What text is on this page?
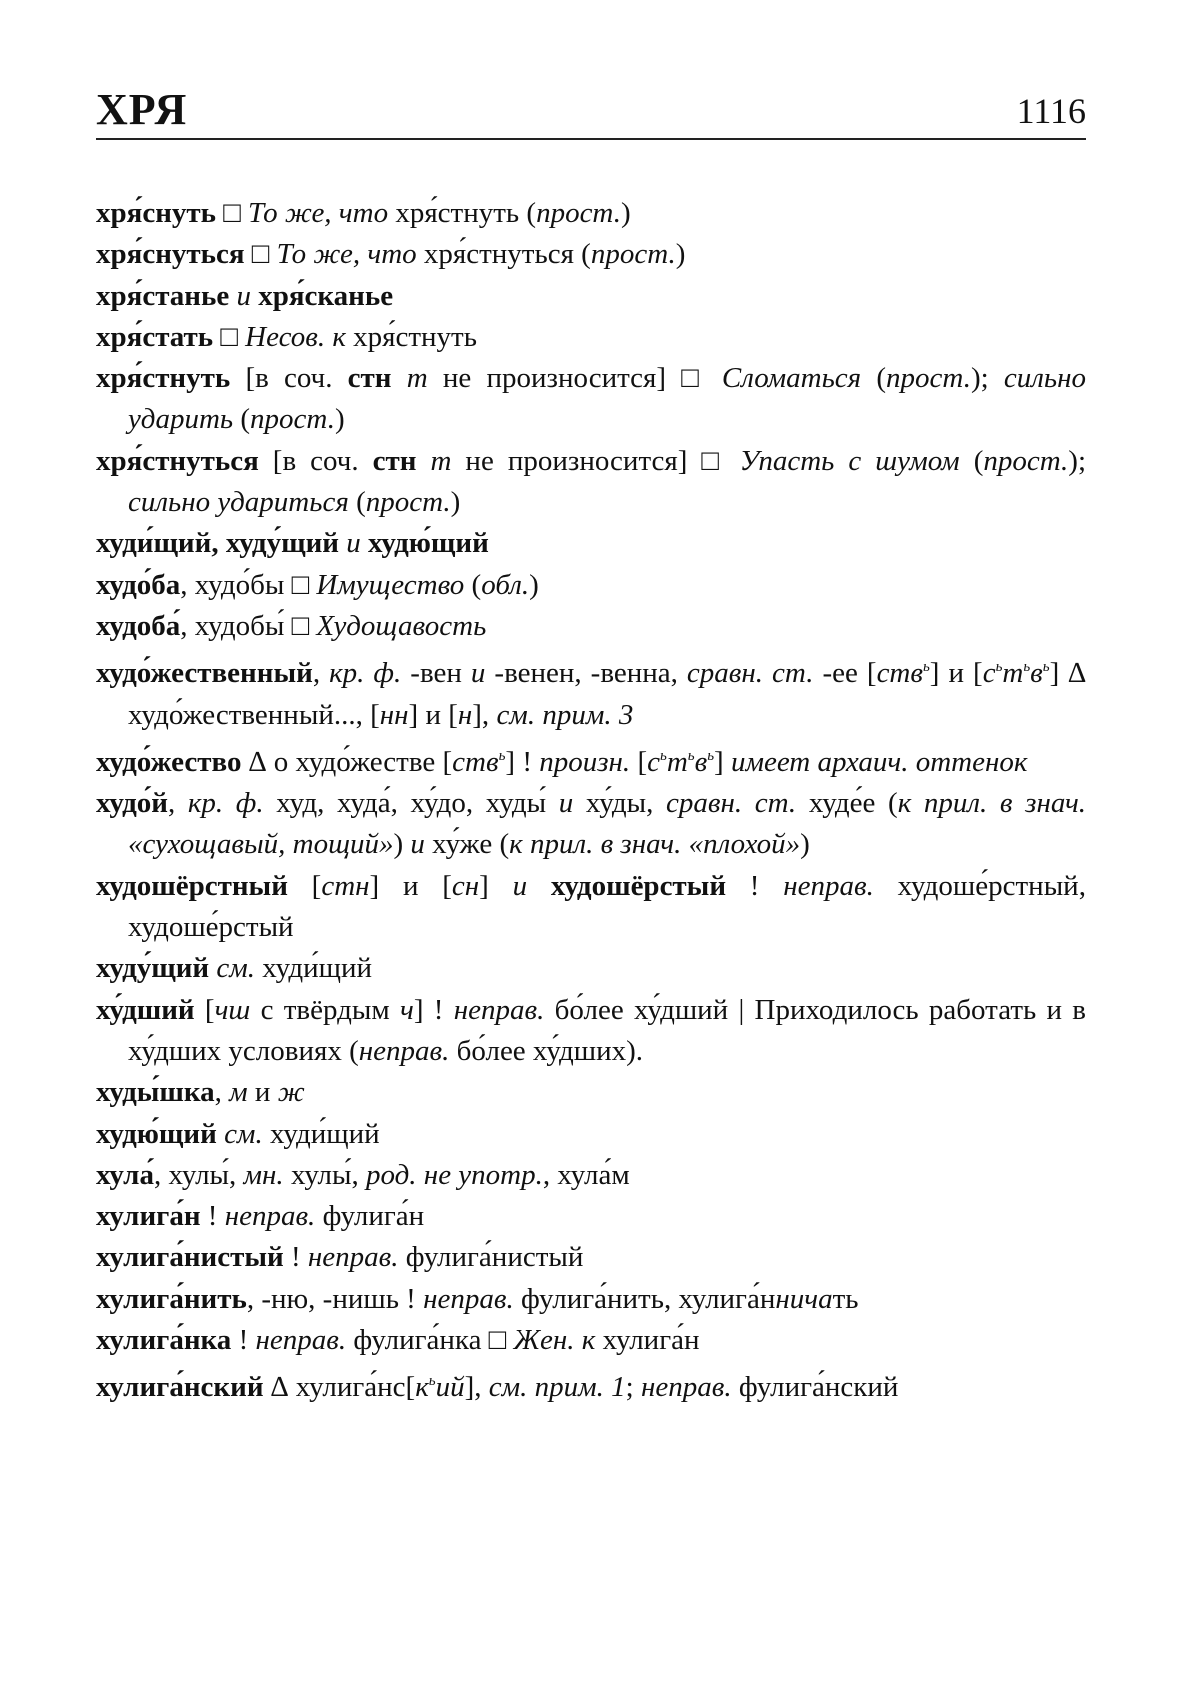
ХРЯ	1116

хря́снуть □ То же, что хря́стнуть (прост.)

хря́снуться □ То же, что хря́стнуться (прост.)

хря́станье и хря́сканье

хря́стать □ Несов. к хря́стнуть

хря́стнуть [в соч. стн т не произносится] □ Сломаться (прост.); сильно ударить (прост.)

хря́стнуться [в соч. стн т не произносится] □ Упасть с шумом (прост.); сильно удариться (прост.)

худи́щий, худу́щий и худю́щий

худо́ба, худо́бы □ Имущество (обл.)

худоба́, худобы́ □ Худощавость

худо́жественный, кр. ф. -вен и -венен, -венна, сравн. ст. -ее [ств$^ь$] и $[с^ьт^ьв^ь]$ ∆ худо́жественный..., [нн] и [н], см. прим. 3

худо́жество ∆ о худо́жестве [ств$^ь$] ! произн. $[с^ьт^ьв^ь]$ имеет архаич. оттенок

худо́й, кр. ф. худ, худа́, ху́до, худы́ и ху́ды, сравн. ст. худе́е (к прил. в знач. «сухощавый, тощий») и ху́же (к прил. в знач. «плохой»)

худошёрстный [стн] и [сн] и худошёрстый ! неправ. худоше́рстный, худоше́рстый

худу́щий см. худи́щий

ху́дший [чш с твёрдым ч] ! неправ. бо́лее ху́дший | Приходилось работать и в ху́дших условиях (неправ. бо́лее ху́дших).

худы́шка, м и ж

худю́щий см. худи́щий

хула́, хулы́, мн. хулы́, род. не употр., хула́м

хулига́н ! неправ. фулига́н

хулига́нистый ! неправ. фулига́нистый

хулига́нить, -ню, -нишь ! неправ. фулига́нить, хулига́нничать

хулига́нка ! неправ. фулига́нка □ Жен. к хулига́н

хулига́нский ∆ $хулига́нс[к^ьий]$, см. прим. 1; неправ. фулига́нский
